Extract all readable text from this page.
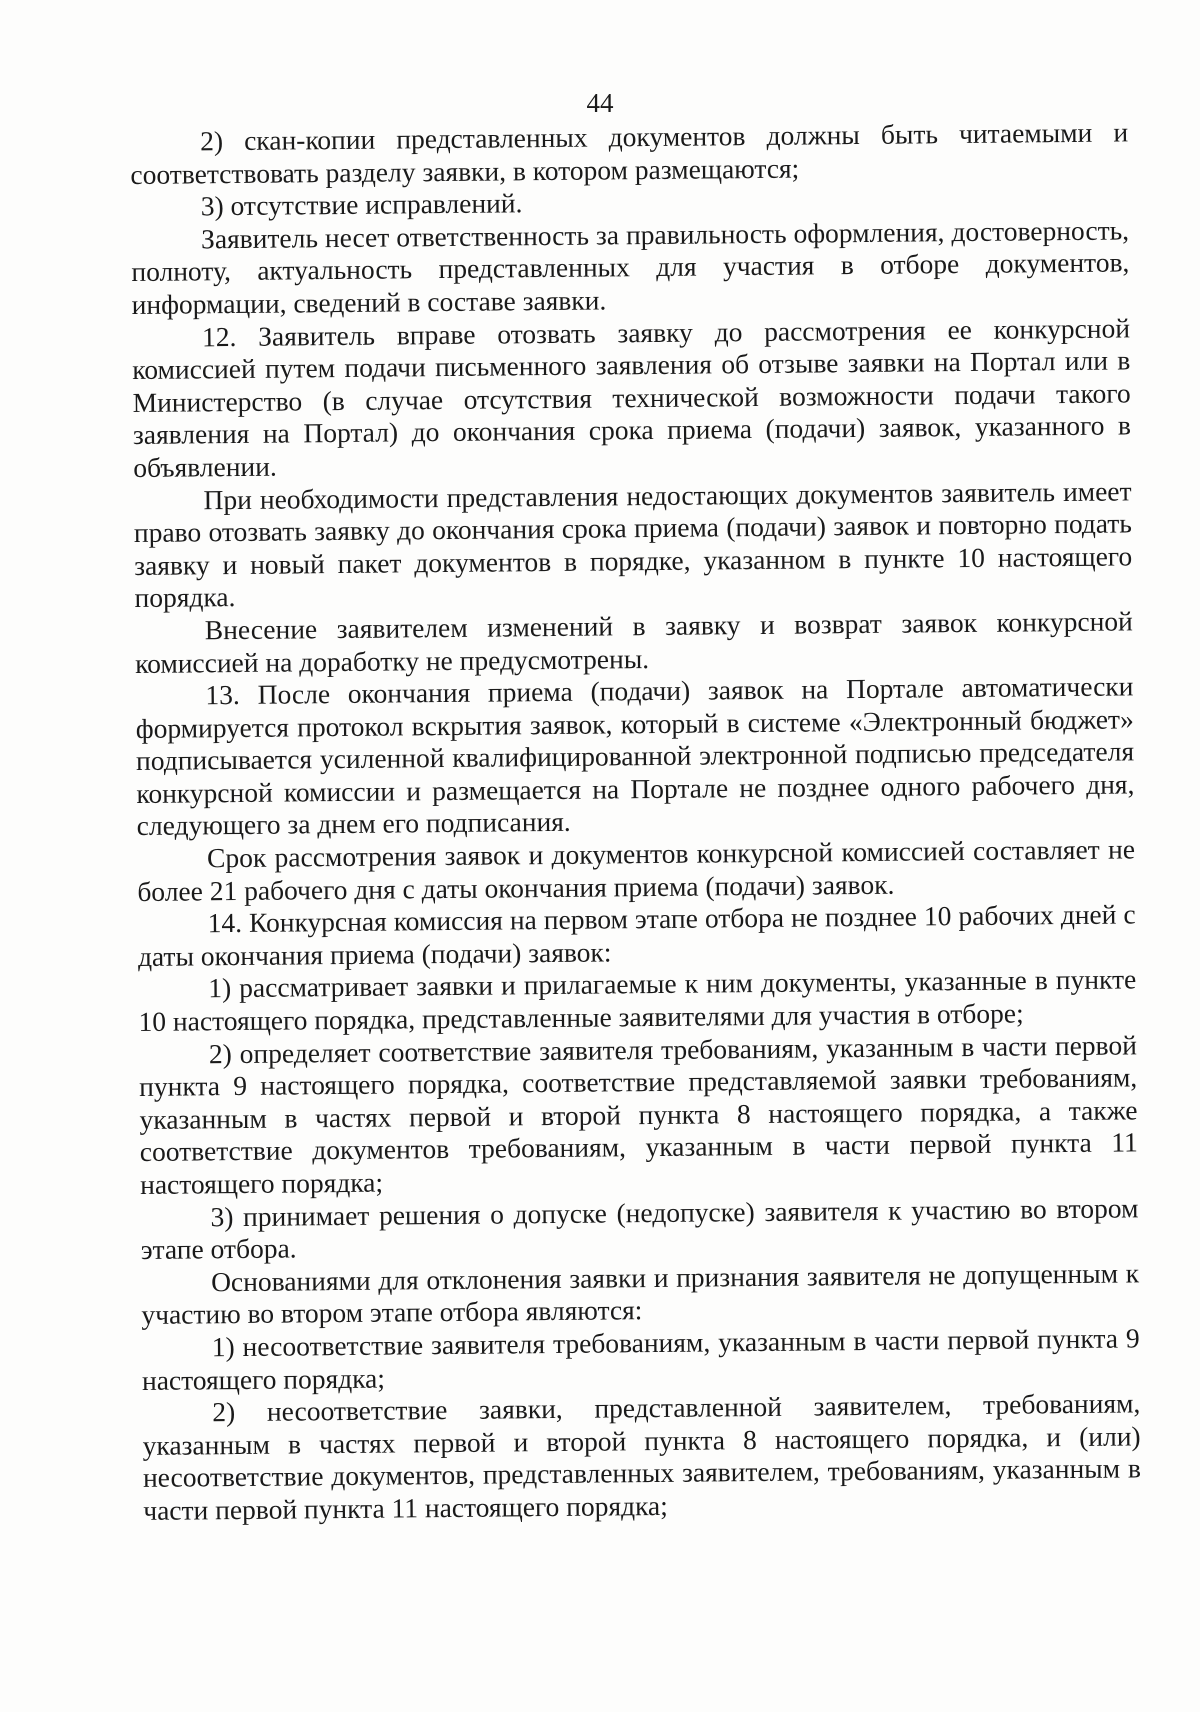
44

2) скан-копии представленных документов должны быть читаемыми и соответствовать разделу заявки, в котором размещаются;

3) отсутствие исправлений.

Заявитель несет ответственность за правильность оформления, достоверность, полноту, актуальность представленных для участия в отборе документов, информации, сведений в составе заявки.

12. Заявитель вправе отозвать заявку до рассмотрения ее конкурсной комиссией путем подачи письменного заявления об отзыве заявки на Портал или в Министерство (в случае отсутствия технической возможности подачи такого заявления на Портал) до окончания срока приема (подачи) заявок, указанного в объявлении.

При необходимости представления недостающих документов заявитель имеет право отозвать заявку до окончания срока приема (подачи) заявок и повторно подать заявку и новый пакет документов в порядке, указанном в пункте 10 настоящего порядка.

Внесение заявителем изменений в заявку и возврат заявок конкурсной комиссией на доработку не предусмотрены.

13. После окончания приема (подачи) заявок на Портале автоматически формируется протокол вскрытия заявок, который в системе «Электронный бюджет» подписывается усиленной квалифицированной электронной подписью председателя конкурсной комиссии и размещается на Портале не позднее одного рабочего дня, следующего за днем его подписания.

Срок рассмотрения заявок и документов конкурсной комиссией составляет не более 21 рабочего дня с даты окончания приема (подачи) заявок.

14. Конкурсная комиссия на первом этапе отбора не позднее 10 рабочих дней с даты окончания приема (подачи) заявок:

1) рассматривает заявки и прилагаемые к ним документы, указанные в пункте 10 настоящего порядка, представленные заявителями для участия в отборе;

2) определяет соответствие заявителя требованиям, указанным в части первой пункта 9 настоящего порядка, соответствие представляемой заявки требованиям, указанным в частях первой и второй пункта 8 настоящего порядка, а также соответствие документов требованиям, указанным в части первой пункта 11 настоящего порядка;

3) принимает решения о допуске (недопуске) заявителя к участию во втором этапе отбора.

Основаниями для отклонения заявки и признания заявителя не допущенным к участию во втором этапе отбора являются:

1) несоответствие заявителя требованиям, указанным в части первой пункта 9 настоящего порядка;

2) несоответствие заявки, представленной заявителем, требованиям, указанным в частях первой и второй пункта 8 настоящего порядка, и (или) несоответствие документов, представленных заявителем, требованиям, указанным в части первой пункта 11 настоящего порядка;
